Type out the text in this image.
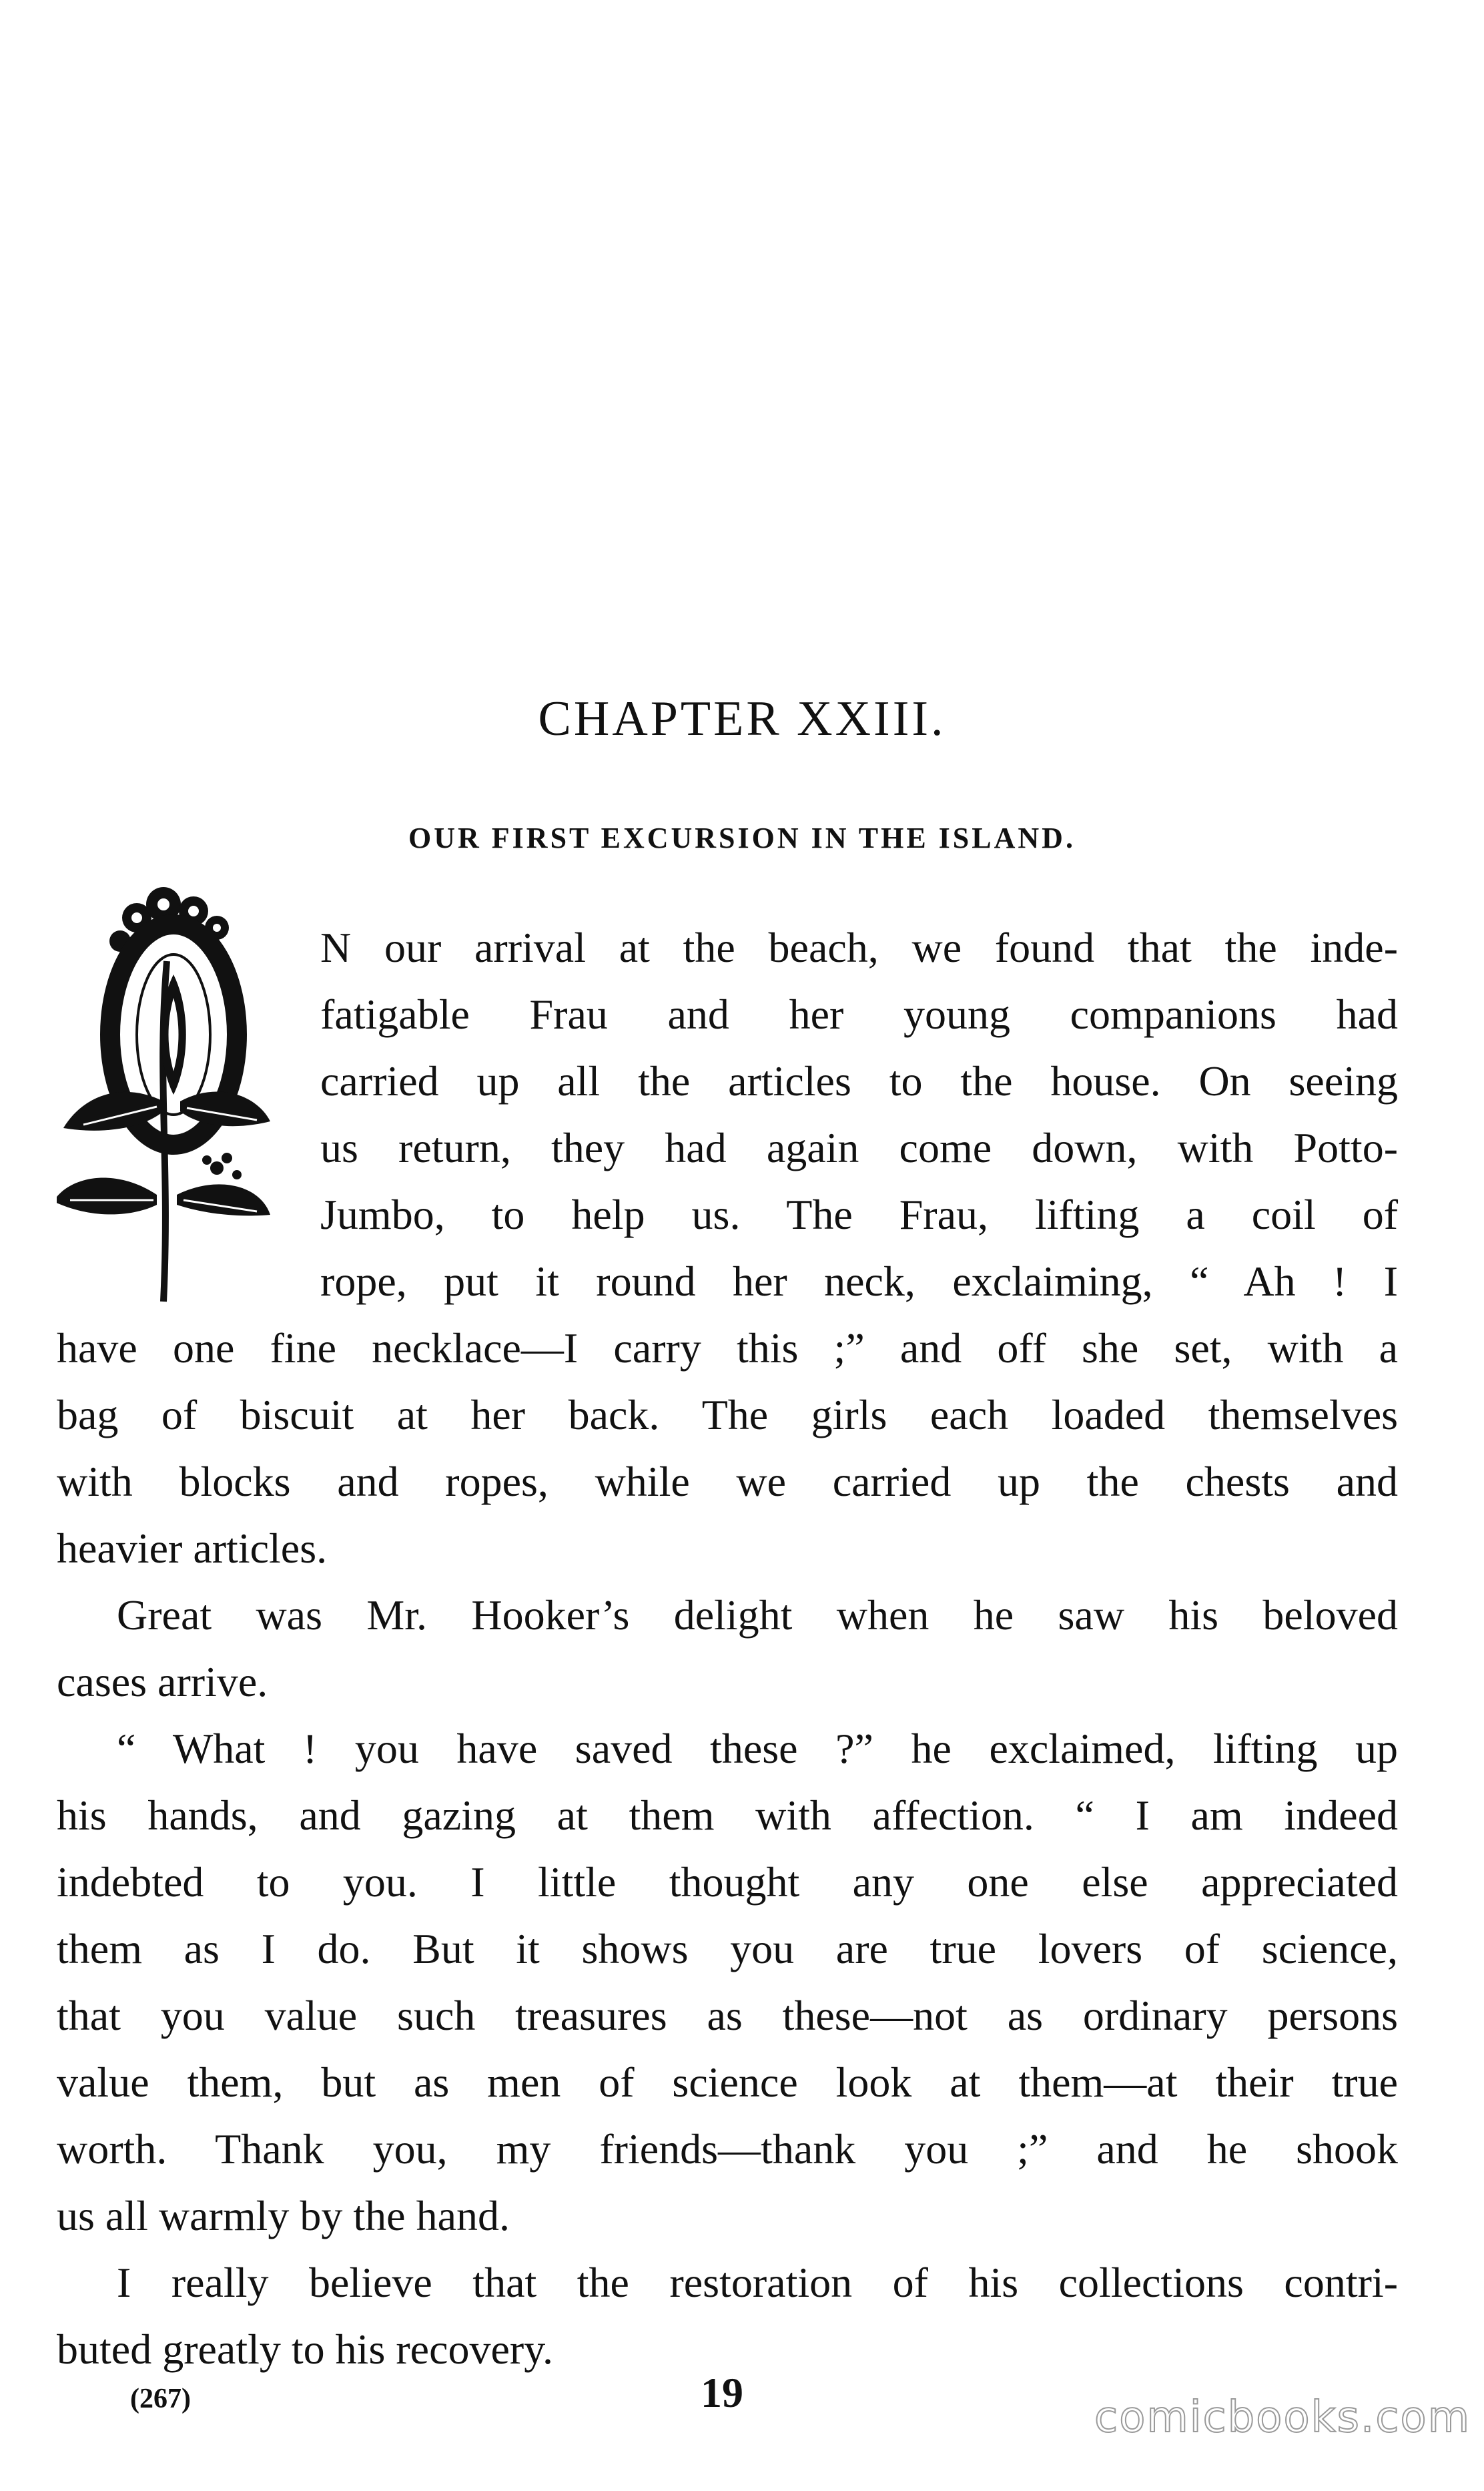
CHAPTER XXIII.
OUR FIRST EXCURSION IN THE ISLAND.
N our arrival at the beach, we found that the inde-
fatigable Frau and her young companions had
carried up all the articles to the house. On seeing
us return, they had again come down, with Potto-
Jumbo, to help us. The Frau, lifting a coil of
rope, put it round her neck, exclaiming, “ Ah ! I
have one fine necklace—I carry this ;” and off she set, with a
bag of biscuit at her back. The girls each loaded themselves
with blocks and ropes, while we carried up the chests and
heavier articles.
Great was Mr. Hooker’s delight when he saw his beloved
cases arrive.
“ What ! you have saved these ?” he exclaimed, lifting up
his hands, and gazing at them with affection. “ I am indeed
indebted to you. I little thought any one else appreciated
them as I do. But it shows you are true lovers of science,
that you value such treasures as these—not as ordinary persons
value them, but as men of science look at them—at their true
worth. Thank you, my friends—thank you ;” and he shook
us all warmly by the hand.
I really believe that the restoration of his collections contri-
buted greatly to his recovery.
(267)	19
comicbooks.com
